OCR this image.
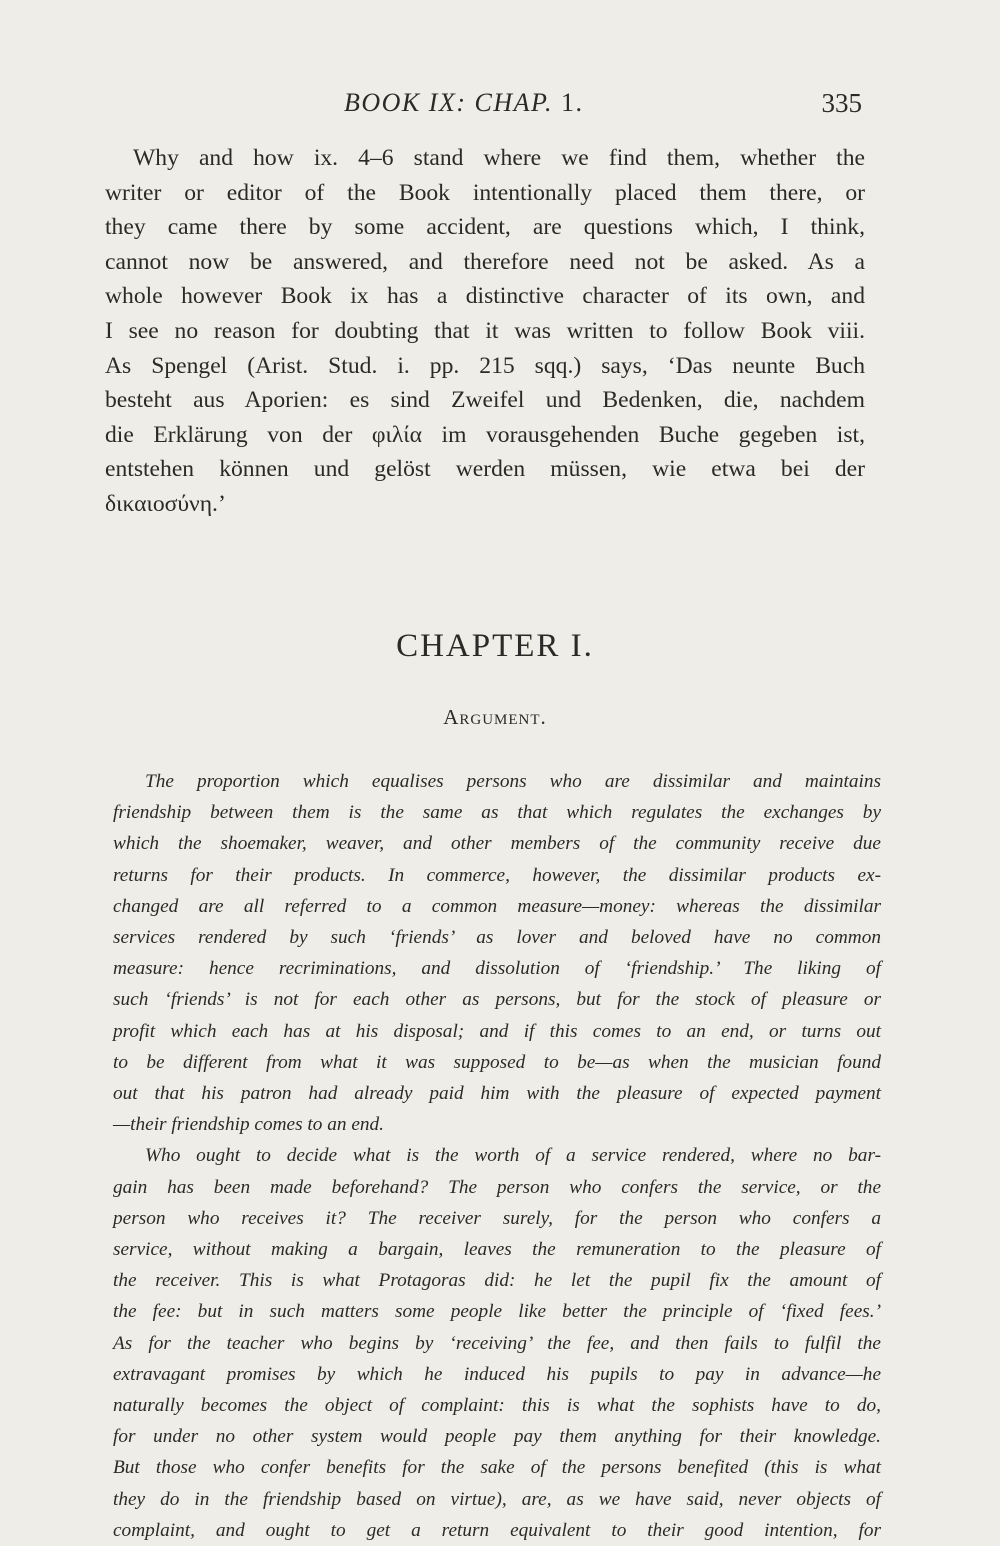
BOOK IX: CHAP. 1.	335
Why and how ix. 4–6 stand where we find them, whether the
writer or editor of the Book intentionally placed them there, or
they came there by some accident, are questions which, I think,
cannot now be answered, and therefore need not be asked. As a
whole however Book ix has a distinctive character of its own, and
I see no reason for doubting that it was written to follow Book viii.
As Spengel (Arist. Stud. i. pp. 215 sqq.) says, ‘Das neunte Buch
besteht aus Aporien: es sind Zweifel und Bedenken, die, nachdem
die Erklärung von der φιλία im vorausgehenden Buche gegeben ist,
entstehen können und gelöst werden müssen, wie etwa bei der
δικαιοσύνη.’
CHAPTER I.
Argument.
The proportion which equalises persons who are dissimilar and maintains
friendship between them is the same as that which regulates the exchanges by
which the shoemaker, weaver, and other members of the community receive due
returns for their products. In commerce, however, the dissimilar products ex-
changed are all referred to a common measure—money: whereas the dissimilar
services rendered by such ‘friends’ as lover and beloved have no common
measure: hence recriminations, and dissolution of ‘friendship.’ The liking of
such ‘friends’ is not for each other as persons, but for the stock of pleasure or
profit which each has at his disposal; and if this comes to an end, or turns out
to be different from what it was supposed to be—as when the musician found
out that his patron had already paid him with the pleasure of expected payment
—their friendship comes to an end.
Who ought to decide what is the worth of a service rendered, where no bar-
gain has been made beforehand? The person who confers the service, or the
person who receives it? The receiver surely, for the person who confers a
service, without making a bargain, leaves the remuneration to the pleasure of
the receiver. This is what Protagoras did: he let the pupil fix the amount of
the fee: but in such matters some people like better the principle of ‘fixed fees.’
As for the teacher who begins by ‘receiving’ the fee, and then fails to fulfil the
extravagant promises by which he induced his pupils to pay in advance—he
naturally becomes the object of complaint: this is what the sophists have to do,
for under no other system would people pay them anything for their knowledge.
But those who confer benefits for the sake of the persons benefited (this is what
they do in the friendship based on virtue), are, as we have said, never objects of
complaint, and ought to get a return equivalent to their good intention, for
